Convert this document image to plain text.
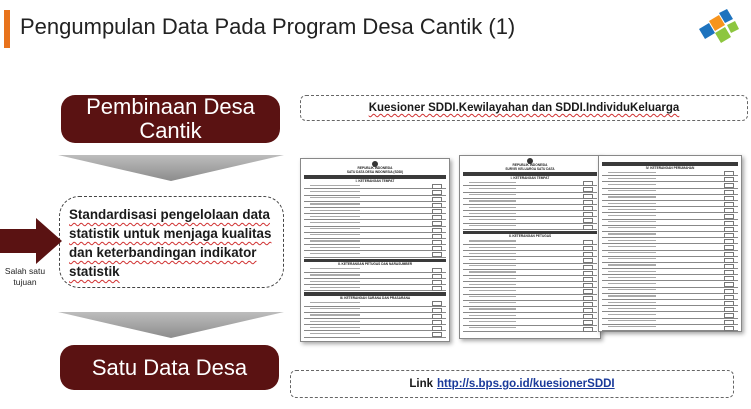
Pengumpulan Data Pada Program Desa Cantik (1)
Pembinaan Desa Cantik
Standardisasi pengelolaan data statistik untuk menjaga kualitas dan keterbandingan indikator statistik
Salah satu tujuan
Satu Data Desa
Kuesioner SDDI.Kewilayahan dan SDDI.IndividuKeluarga
REPUBLIK INDONESIA
SATU DATA DESA INDONESIA (SDDI)
I. KETERANGAN TEMPAT
II. KETERANGAN PETUGAS DAN NARASUMBER
III. KETERANGAN SARANA DAN PRASARANA
REPUBLIK INDONESIA
SURVEI KELUARGA SATU DATA
I. KETERANGAN TEMPAT
II. KETERANGAN PETUGAS
IV. KETERANGAN PERUMAHAN
Link http://s.bps.go.id/kuesionerSDDI
